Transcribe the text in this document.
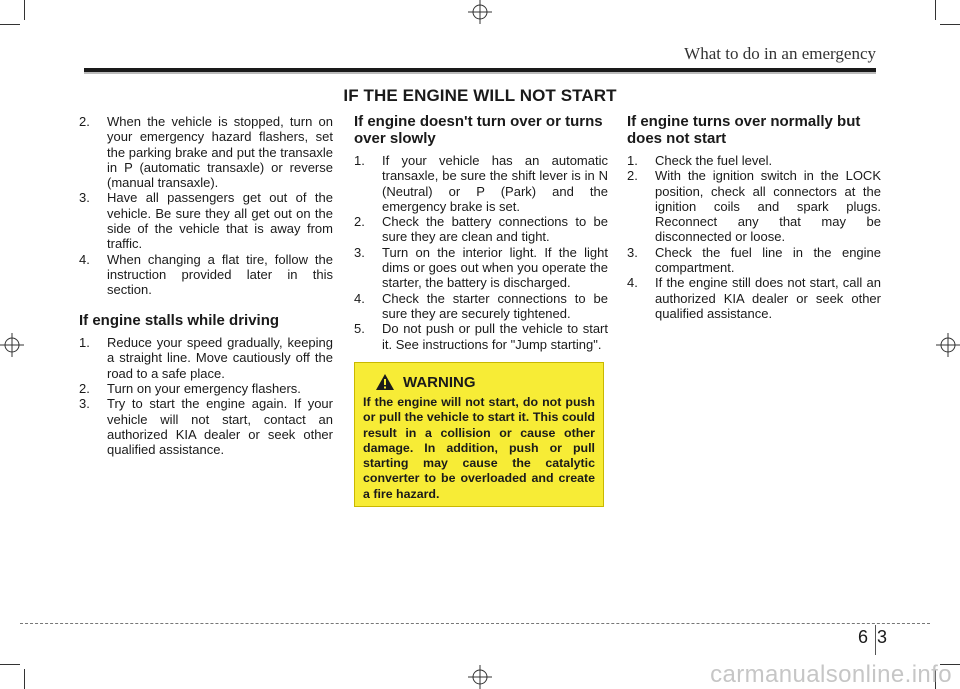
What to do in an emergency
IF THE ENGINE WILL NOT START

2. When the vehicle is stopped, turn on your emergency hazard flashers, set the parking brake and put the transaxle in P (automatic transaxle) or reverse (manual transaxle).

3. Have all passengers get out of the vehicle. Be sure they all get out on the side of the vehicle that is away from traffic.

4. When changing a flat tire, follow the instruction provided later in this section.

If engine stalls while driving

1. Reduce your speed gradually, keeping a straight line. Move cautiously off the road to a safe place.

2. Turn on your emergency flashers.

3. Try to start the engine again. If your vehicle will not start, contact an authorized KIA dealer or seek other qualified assistance.

If engine doesn't turn over or turns over slowly

1. If your vehicle has an automatic transaxle, be sure the shift lever is in N (Neutral) or P (Park) and the emergency brake is set.

2. Check the battery connections to be sure they are clean and tight.

3. Turn on the interior light. If the light dims or goes out when you operate the starter, the battery is discharged.

4. Check the starter connections to be sure they are securely tightened.

5. Do not push or pull the vehicle to start it. See instructions for "Jump starting".

WARNING
If the engine will not start, do not push or pull the vehicle to start it. This could result in a collision or cause other damage. In addition, push or pull starting may cause the catalytic converter to be overloaded and create a fire hazard.
If engine turns over normally but does not start

1. Check the fuel level.

2. With the ignition switch in the LOCK position, check all connectors at the ignition coils and spark plugs. Reconnect any that may be disconnected or loose.

3. Check the fuel line in the engine compartment.

4. If the engine still does not start, call an authorized KIA dealer or seek other qualified assistance.

6 3
carmanualsonline.info
